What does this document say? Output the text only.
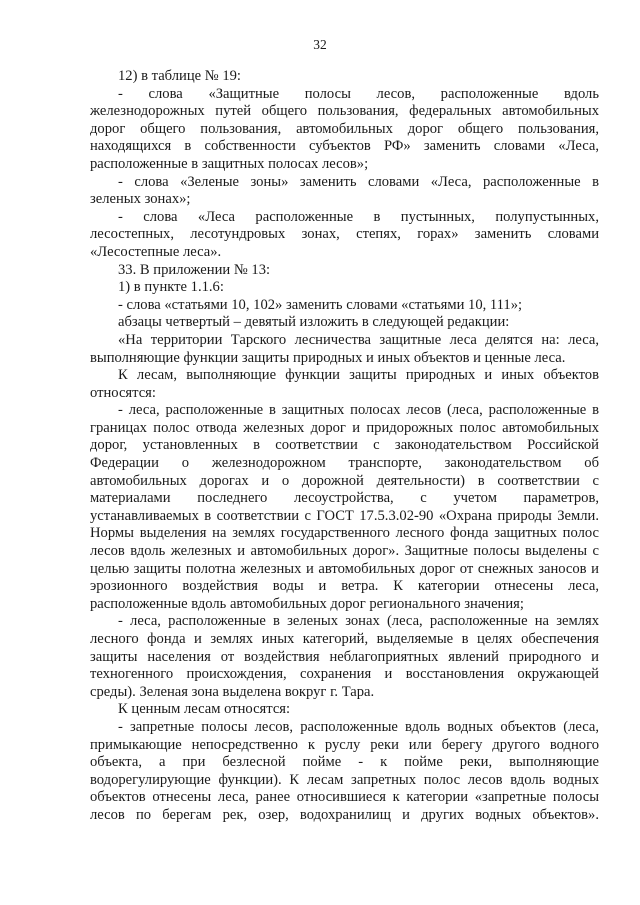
32
12) в таблице № 19:
- слова «Защитные полосы лесов, расположенные вдоль
железнодорожных путей общего пользования, федеральных автомобильных
дорог общего пользования, автомобильных дорог общего пользования,
находящихся в собственности субъектов РФ» заменить словами «Леса,
расположенные в защитных полосах лесов»;
- слова «Зеленые зоны» заменить словами «Леса, расположенные в
зеленых зонах»;
- слова «Леса расположенные в пустынных, полупустынных,
лесостепных, лесотундровых зонах, степях, горах» заменить словами
«Лесостепные леса».
33. В приложении № 13:
1) в пункте 1.1.6:
- слова «статьями 10, 102» заменить словами «статьями 10, 111»;
абзацы четвертый – девятый изложить в следующей редакции:
«На территории Тарского лесничества защитные леса делятся на: леса,
выполняющие функции защиты природных и иных объектов и ценные леса.
К лесам, выполняющие функции защиты природных и иных объектов
относятся:
- леса, расположенные в защитных полосах лесов (леса, расположенные в
границах полос отвода железных дорог и придорожных полос автомобильных
дорог, установленных в соответствии с законодательством Российской
Федерации о железнодорожном транспорте, законодательством об
автомобильных дорогах и о дорожной деятельности) в соответствии с
материалами последнего лесоустройства, с учетом параметров,
устанавливаемых в соответствии с ГОСТ 17.5.3.02-90 «Охрана природы Земли.
Нормы выделения на землях государственного лесного фонда защитных полос
лесов вдоль железных и автомобильных дорог». Защитные полосы выделены с
целью защиты полотна железных и автомобильных дорог от снежных заносов и
эрозионного воздействия воды и ветра. К категории отнесены леса,
расположенные вдоль автомобильных дорог регионального значения;
- леса, расположенные в зеленых зонах (леса, расположенные на землях
лесного фонда и землях иных категорий, выделяемые в целях обеспечения
защиты населения от воздействия неблагоприятных явлений природного и
техногенного происхождения, сохранения и восстановления окружающей
среды). Зеленая зона выделена вокруг г. Тара.
К ценным лесам относятся:
- запретные полосы лесов, расположенные вдоль водных объектов (леса,
примыкающие непосредственно к руслу реки или берегу другого водного
объекта, а при безлесной пойме - к пойме реки, выполняющие
водорегулирующие функции). К лесам запретных полос лесов вдоль водных
объектов отнесены леса, ранее относившиеся к категории «запретные полосы
лесов по берегам рек, озер, водохранилищ и других водных объектов».
